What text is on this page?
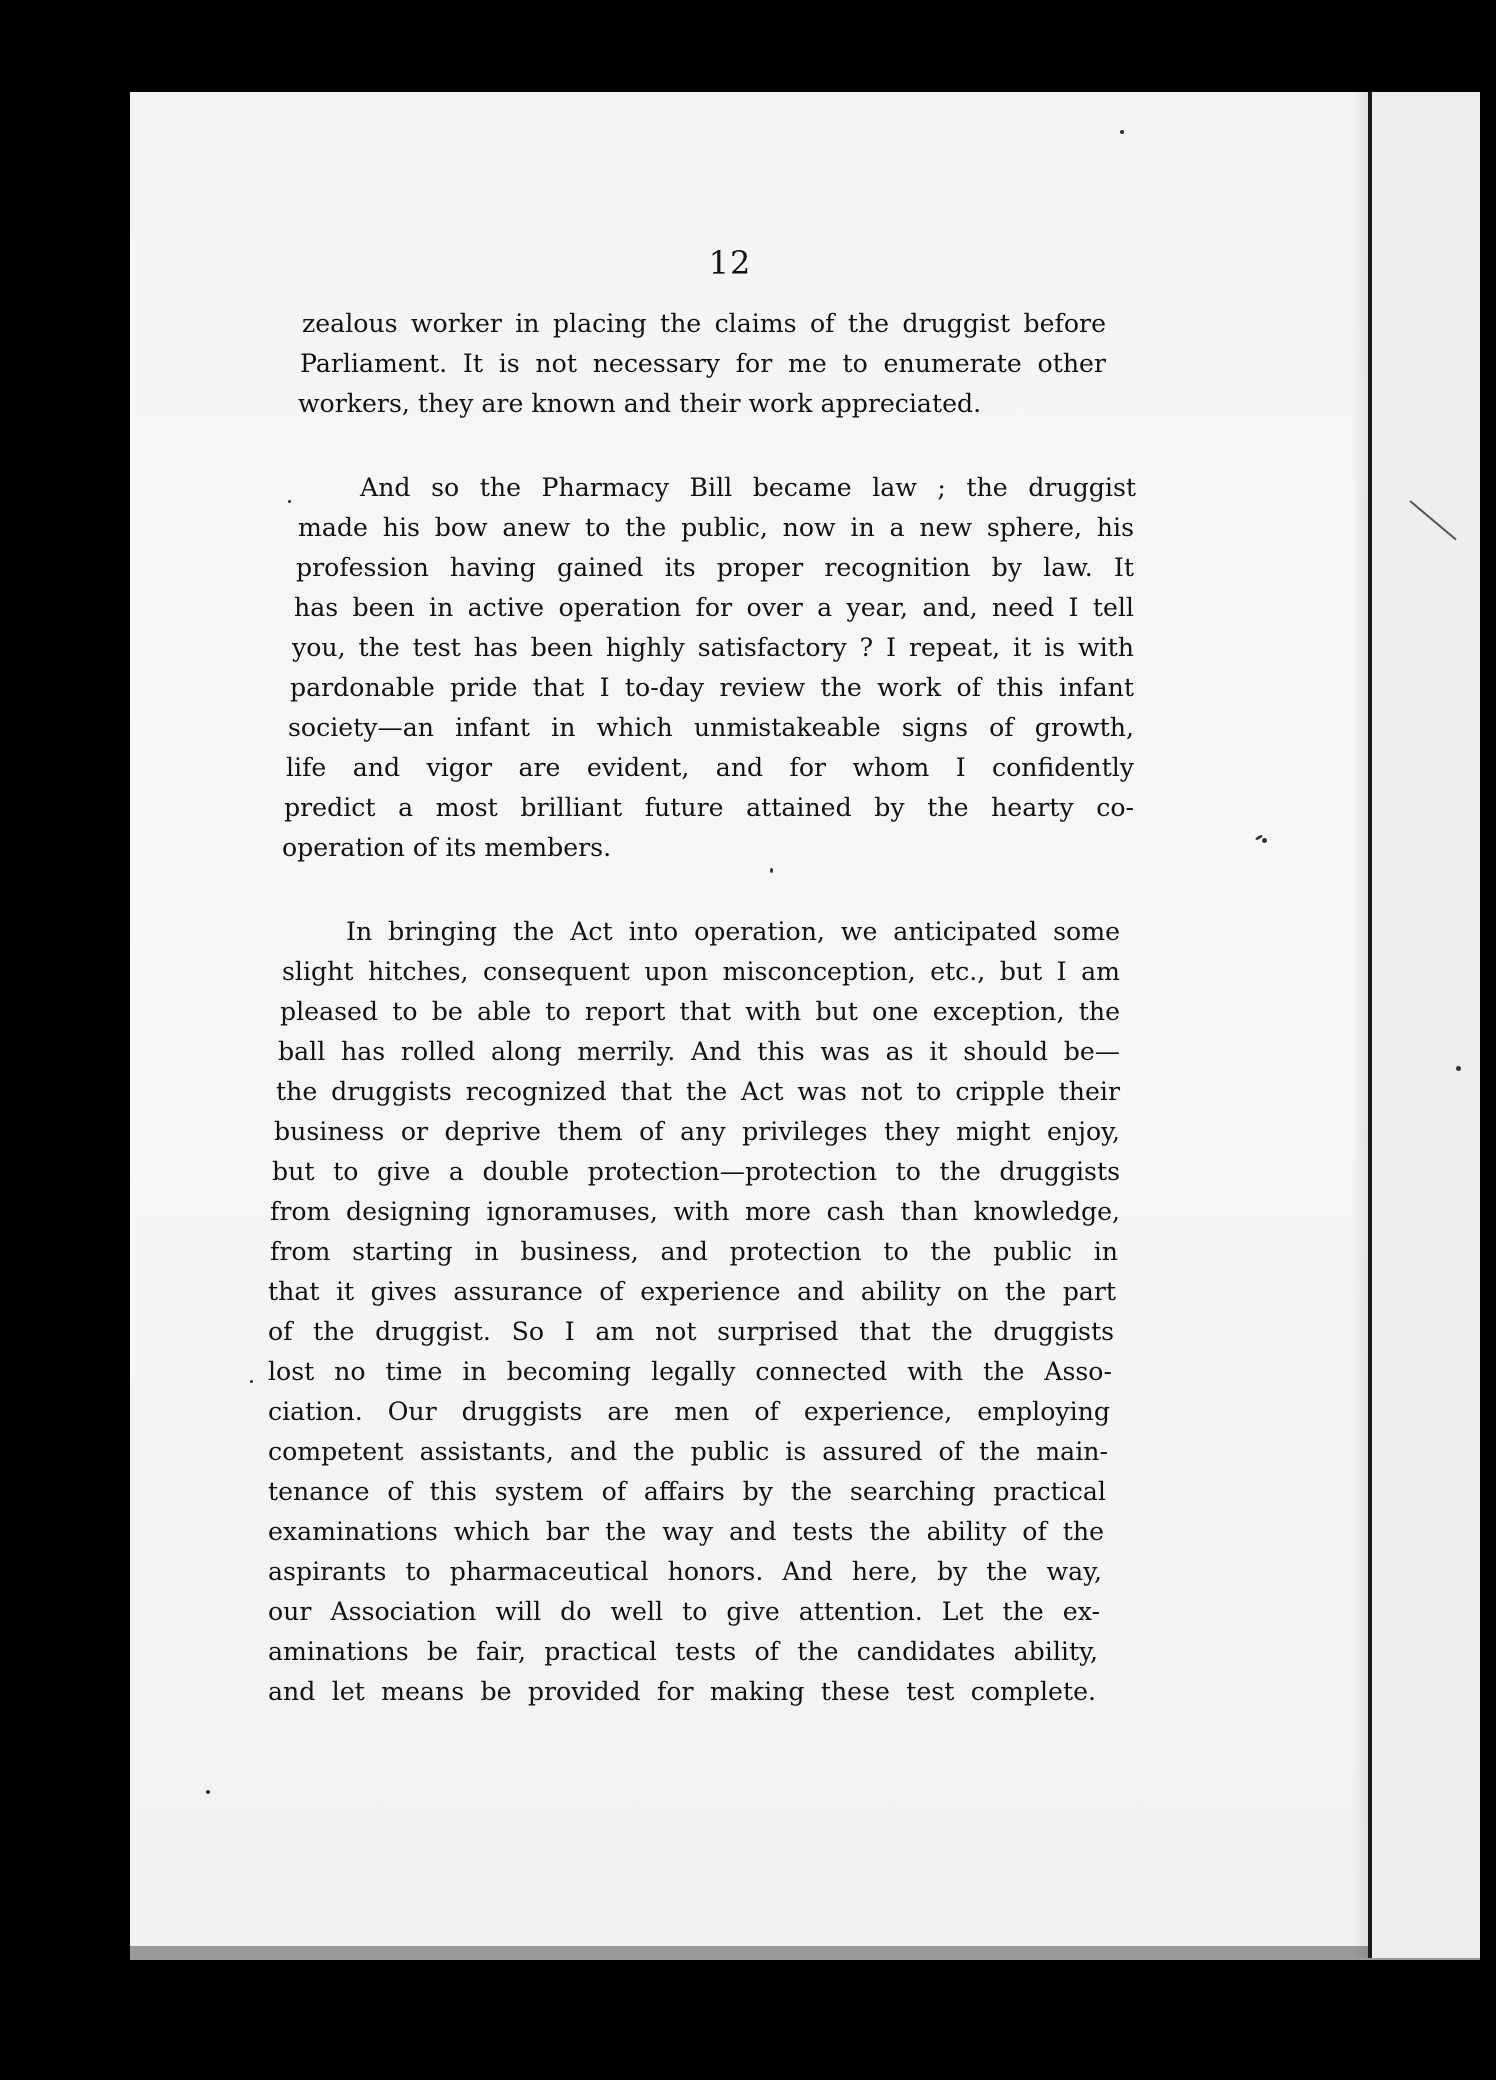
12
zealous worker in placing the claims of the druggist before
Parliament. It is not necessary for me to enumerate other
workers, they are known and their work appreciated.
And so the Pharmacy Bill became law ; the druggist
made his bow anew to the public, now in a new sphere, his
profession having gained its proper recognition by law. It
has been in active operation for over a year, and, need I tell
you, the test has been highly satisfactory ? I repeat, it is with
pardonable pride that I to-day review the work of this infant
society—an infant in which unmistakeable signs of growth,
life and vigor are evident, and for whom I confidently
predict a most brilliant future attained by the hearty co-
operation of its members.
In bringing the Act into operation, we anticipated some
slight hitches, consequent upon misconception, etc., but I am
pleased to be able to report that with but one exception, the
ball has rolled along merrily. And this was as it should be—
the druggists recognized that the Act was not to cripple their
business or deprive them of any privileges they might enjoy,
but to give a double protection—protection to the druggists
from designing ignoramuses, with more cash than knowledge,
from starting in business, and protection to the public in
that it gives assurance of experience and ability on the part
of the druggist. So I am not surprised that the druggists
lost no time in becoming legally connected with the Asso-
ciation. Our druggists are men of experience, employing
competent assistants, and the public is assured of the main-
tenance of this system of affairs by the searching practical
examinations which bar the way and tests the ability of the
aspirants to pharmaceutical honors. And here, by the way,
our Association will do well to give attention. Let the ex-
aminations be fair, practical tests of the candidates ability,
and let means be provided for making these test complete.
